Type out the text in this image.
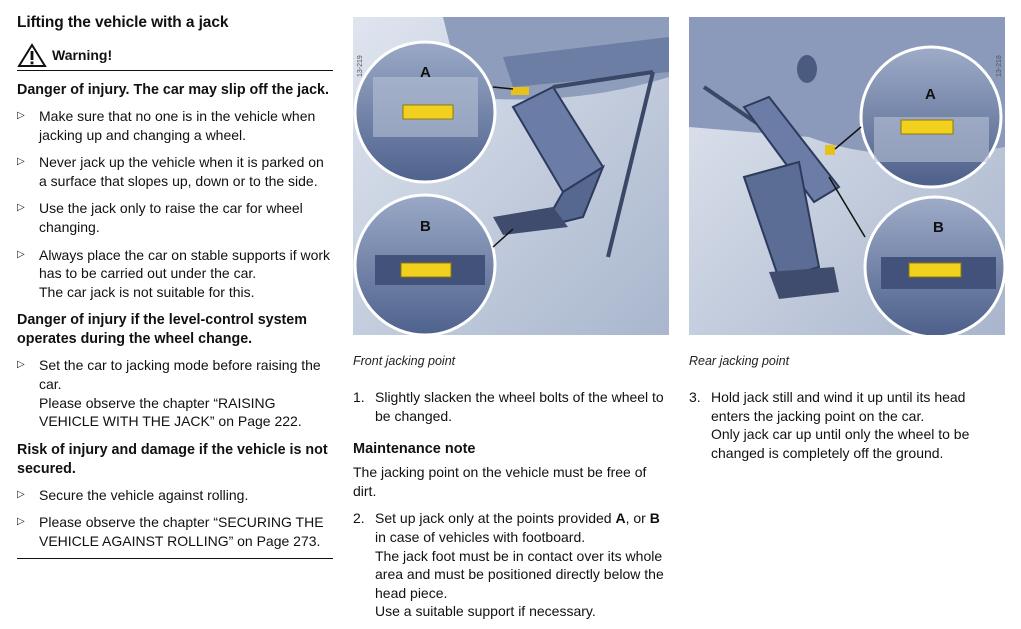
Lifting the vehicle with a jack
Warning!
Danger of injury. The car may slip off the jack.
▷ Make sure that no one is in the vehicle when jacking up and changing a wheel.
▷ Never jack up the vehicle when it is parked on a surface that slopes up, down or to the side.
▷ Use the jack only to raise the car for wheel changing.
▷ Always place the car on stable supports if work has to be carried out under the car.
The car jack is not suitable for this.
Danger of injury if the level-control system operates during the wheel change.
▷ Set the car to jacking mode before raising the car.
Please observe the chapter “RAISING VEHICLE WITH THE JACK” on Page 222.
Risk of injury and damage if the vehicle is not secured.
▷ Secure the vehicle against rolling.
▷ Please observe the chapter “SECURING THE VEHICLE AGAINST ROLLING” on Page 273.
A
B
13-219
Front jacking point
1. Slightly slacken the wheel bolts of the wheel to be changed.
Maintenance note
The jacking point on the vehicle must be free of dirt.
2. Set up jack only at the points provided A, or B in case of vehicles with footboard.
The jack foot must be in contact over its whole area and must be positioned directly below the head piece.
Use a suitable support if necessary.
A
B
13-218
Rear jacking point
3. Hold jack still and wind it up until its head enters the jacking point on the car.
Only jack car up until only the wheel to be changed is completely off the ground.
